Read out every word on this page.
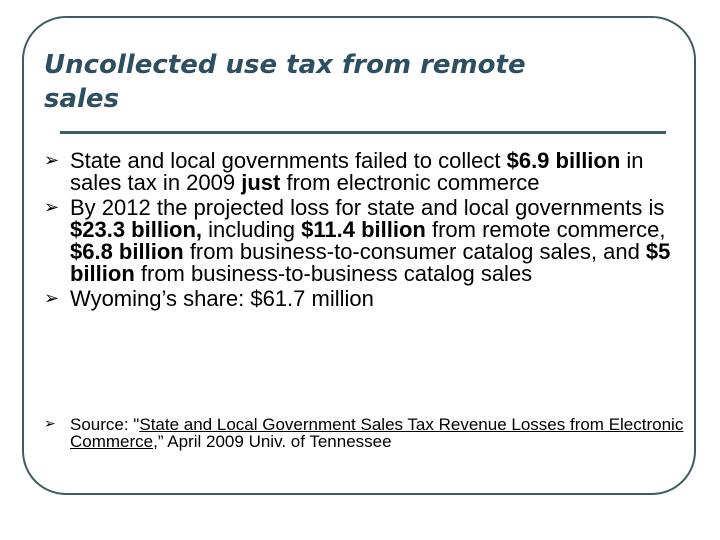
Uncollected use tax from remote sales
➢ State and local governments failed to collect $6.9 billion in sales tax in 2009 just from electronic commerce
➢ By 2012 the projected loss for state and local governments is $23.3 billion, including $11.4 billion from remote commerce, $6.8 billion from business-to-consumer catalog sales, and $5 billion from business-to-business catalog sales
➢ Wyoming’s share: $61.7 million

➢ Source: "State and Local Government Sales Tax Revenue Losses from Electronic Commerce,” April 2009 Univ. of Tennessee
